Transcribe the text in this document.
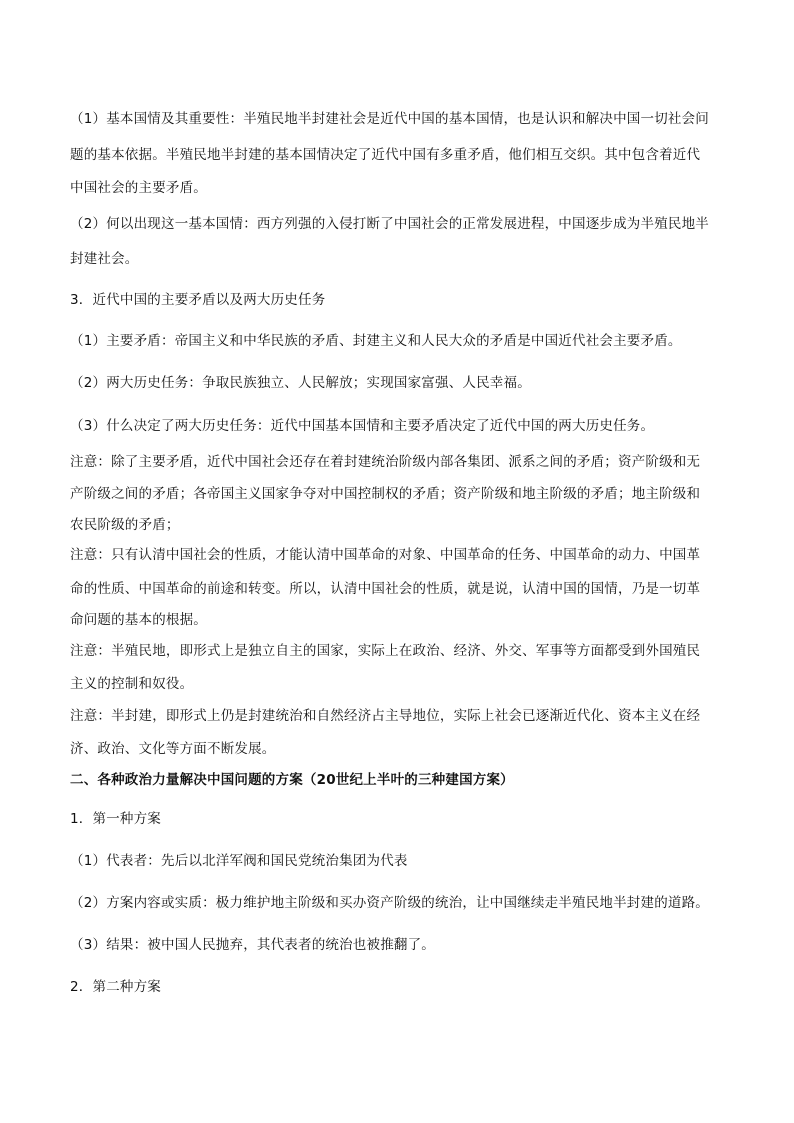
（1）基本国情及其重要性：半殖民地半封建社会是近代中国的基本国情，也是认识和解决中国一切社会问
题的基本依据。半殖民地半封建的基本国情决定了近代中国有多重矛盾，他们相互交织。其中包含着近代
中国社会的主要矛盾。
（2）何以出现这一基本国情：西方列强的入侵打断了中国社会的正常发展进程，中国逐步成为半殖民地半
封建社会。
3．近代中国的主要矛盾以及两大历史任务
（1）主要矛盾：帝国主义和中华民族的矛盾、封建主义和人民大众的矛盾是中国近代社会主要矛盾。
（2）两大历史任务：争取民族独立、人民解放；实现国家富强、人民幸福。
（3）什么决定了两大历史任务：近代中国基本国情和主要矛盾决定了近代中国的两大历史任务。
注意：除了主要矛盾，近代中国社会还存在着封建统治阶级内部各集团、派系之间的矛盾；资产阶级和无
产阶级之间的矛盾；各帝国主义国家争夺对中国控制权的矛盾；资产阶级和地主阶级的矛盾；地主阶级和
农民阶级的矛盾；
注意：只有认清中国社会的性质，才能认清中国革命的对象、中国革命的任务、中国革命的动力、中国革
命的性质、中国革命的前途和转变。所以，认清中国社会的性质，就是说，认清中国的国情，乃是一切革
命问题的基本的根据。
注意：半殖民地，即形式上是独立自主的国家，实际上在政治、经济、外交、军事等方面都受到外国殖民
主义的控制和奴役。
注意：半封建，即形式上仍是封建统治和自然经济占主导地位，实际上社会已逐渐近代化、资本主义在经
济、政治、文化等方面不断发展。
二、各种政治力量解决中国问题的方案（20世纪上半叶的三种建国方案）
1．第一种方案
（1）代表者：先后以北洋军阀和国民党统治集团为代表
（2）方案内容或实质：极力维护地主阶级和买办资产阶级的统治，让中国继续走半殖民地半封建的道路。
（3）结果：被中国人民抛弃，其代表者的统治也被推翻了。
2．第二种方案
